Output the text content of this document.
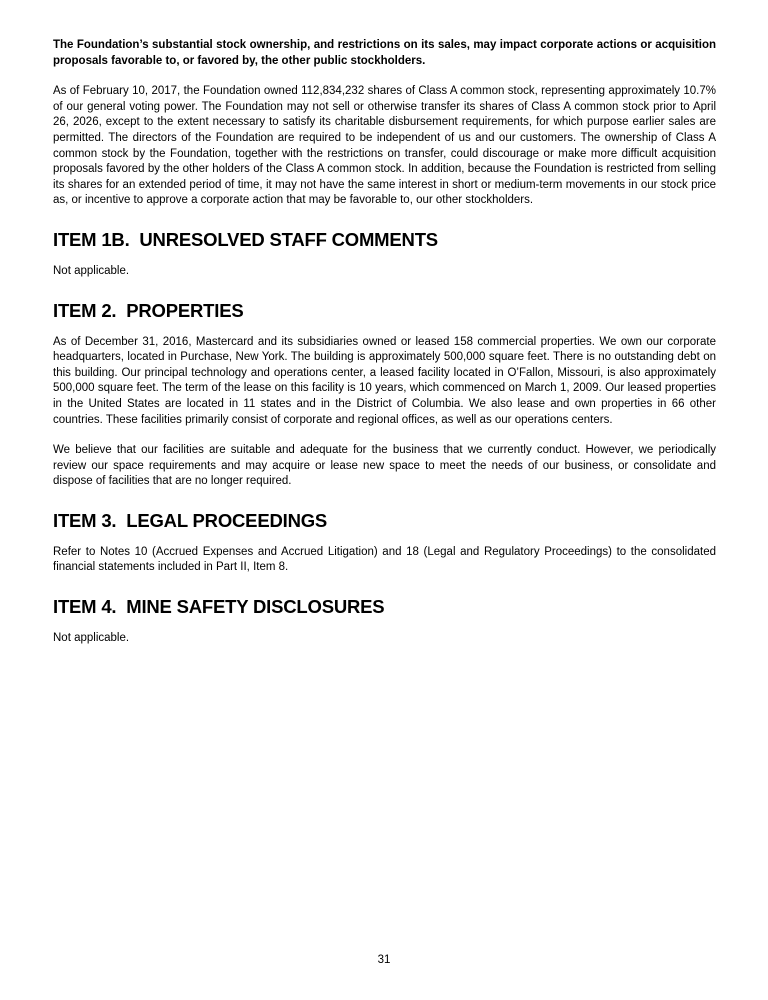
The Foundation’s substantial stock ownership, and restrictions on its sales, may impact corporate actions or acquisition proposals favorable to, or favored by, the other public stockholders.

As of February 10, 2017, the Foundation owned 112,834,232 shares of Class A common stock, representing approximately 10.7% of our general voting power. The Foundation may not sell or otherwise transfer its shares of Class A common stock prior to April 26, 2026, except to the extent necessary to satisfy its charitable disbursement requirements, for which purpose earlier sales are permitted. The directors of the Foundation are required to be independent of us and our customers. The ownership of Class A common stock by the Foundation, together with the restrictions on transfer, could discourage or make more difficult acquisition proposals favored by the other holders of the Class A common stock. In addition, because the Foundation is restricted from selling its shares for an extended period of time, it may not have the same interest in short or medium-term movements in our stock price as, or incentive to approve a corporate action that may be favorable to, our other stockholders.

ITEM 1B.  UNRESOLVED STAFF COMMENTS

Not applicable.

ITEM 2.  PROPERTIES

As of December 31, 2016, Mastercard and its subsidiaries owned or leased 158 commercial properties. We own our corporate headquarters, located in Purchase, New York. The building is approximately 500,000 square feet. There is no outstanding debt on this building. Our principal technology and operations center, a leased facility located in O’Fallon, Missouri, is also approximately 500,000 square feet. The term of the lease on this facility is 10 years, which commenced on March 1, 2009. Our leased properties in the United States are located in 11 states and in the District of Columbia. We also lease and own properties in 66 other countries. These facilities primarily consist of corporate and regional offices, as well as our operations centers.

We believe that our facilities are suitable and adequate for the business that we currently conduct. However, we periodically review our space requirements and may acquire or lease new space to meet the needs of our business, or consolidate and dispose of facilities that are no longer required.

ITEM 3.  LEGAL PROCEEDINGS

Refer to Notes 10 (Accrued Expenses and Accrued Litigation) and 18 (Legal and Regulatory Proceedings) to the consolidated financial statements included in Part II, Item 8.

ITEM 4.  MINE SAFETY DISCLOSURES

Not applicable.

31
